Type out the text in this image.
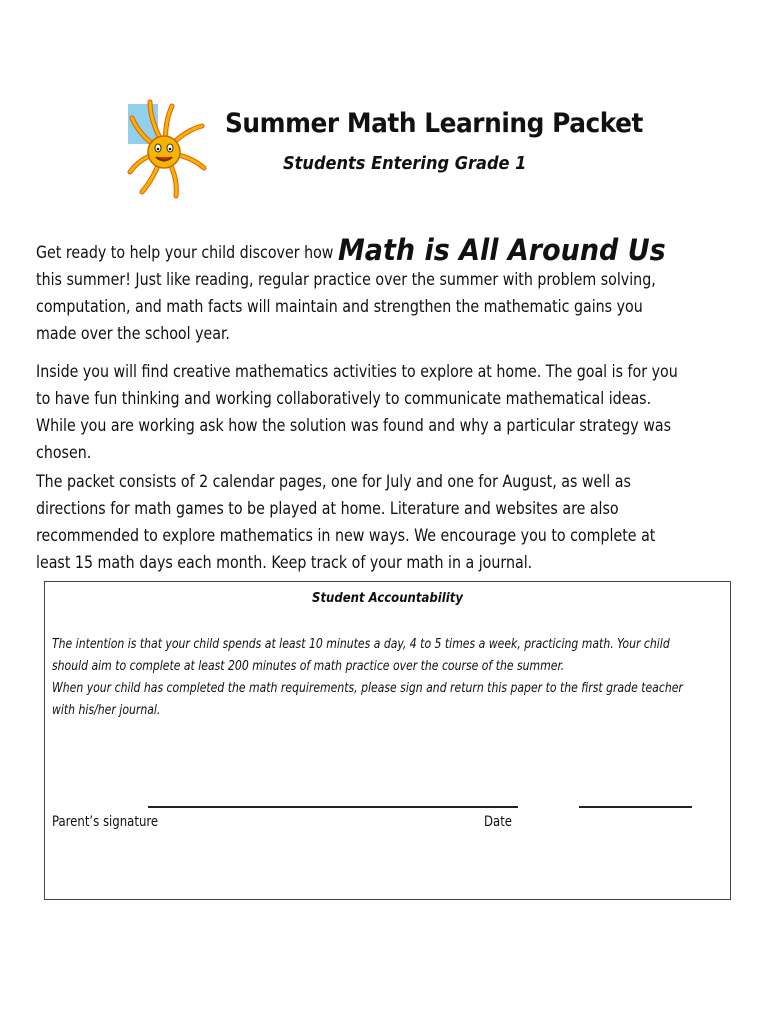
Summer Math Learning Packet
Students Entering Grade 1
Get ready to help your child discover how Math is All Around Us this summer! Just like reading, regular practice over the summer with problem solving, computation, and math facts will maintain and strengthen the mathematic gains you made over the school year.
Inside you will find creative mathematics activities to explore at home. The goal is for you to have fun thinking and working collaboratively to communicate mathematical ideas. While you are working ask how the solution was found and why a particular strategy was chosen.
The packet consists of 2 calendar pages, one for July and one for August, as well as directions for math games to be played at home. Literature and websites are also recommended to explore mathematics in new ways. We encourage you to complete at least 15 math days each month. Keep track of your math in a journal.
Student Accountability
The intention is that your child spends at least 10 minutes a day, 4 to 5 times a week, practicing math. Your child should aim to complete at least 200 minutes of math practice over the course of the summer.
When your child has completed the math requirements, please sign and return this paper to the first grade teacher with his/her journal.
Parent’s signature	Date
